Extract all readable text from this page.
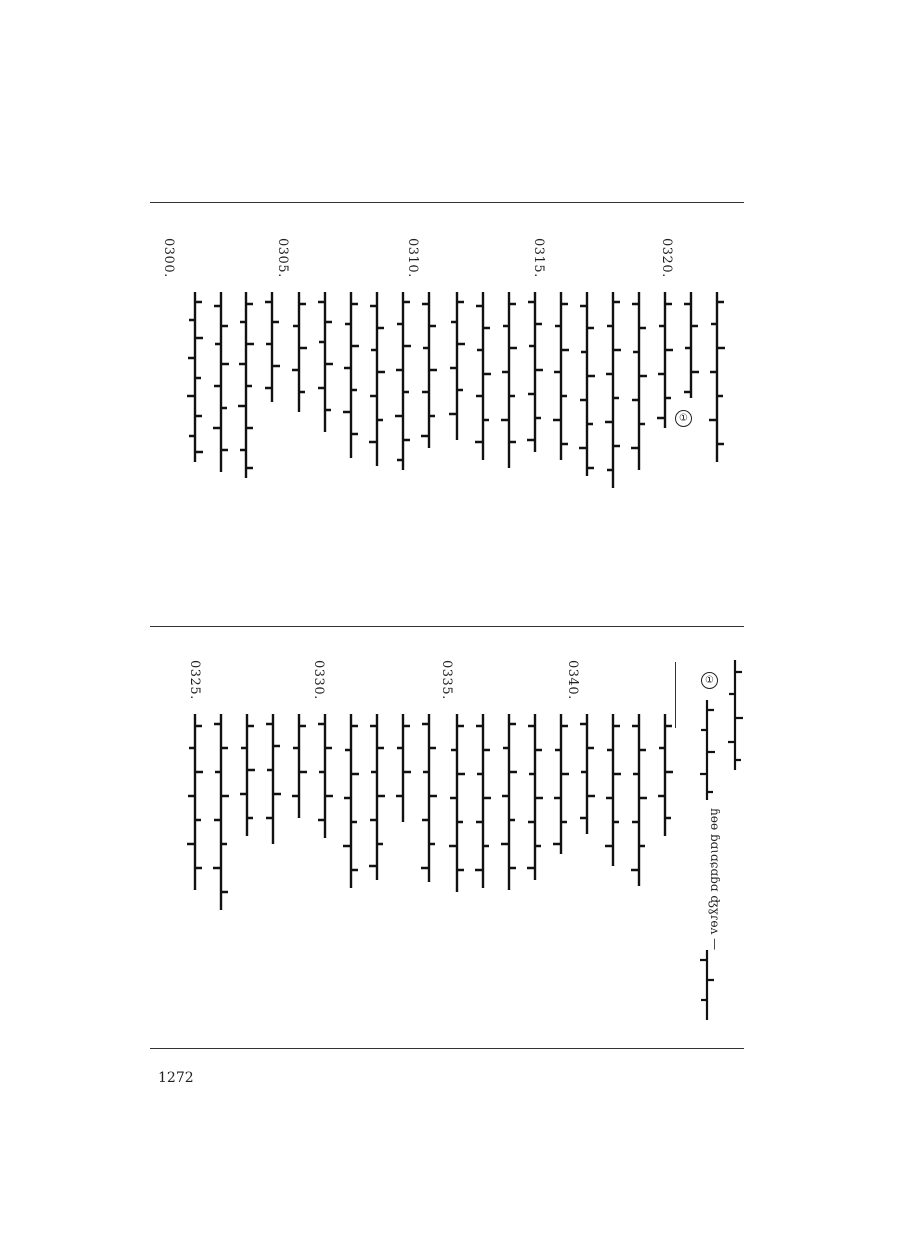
0300.	0305.	0310.	0315.	0320.
①
0325.	0330.	0335.	0340.	①
ɦɵө ɓɑɩɑɕɑɓɑ ʤɣɾɵʌ —
1272
